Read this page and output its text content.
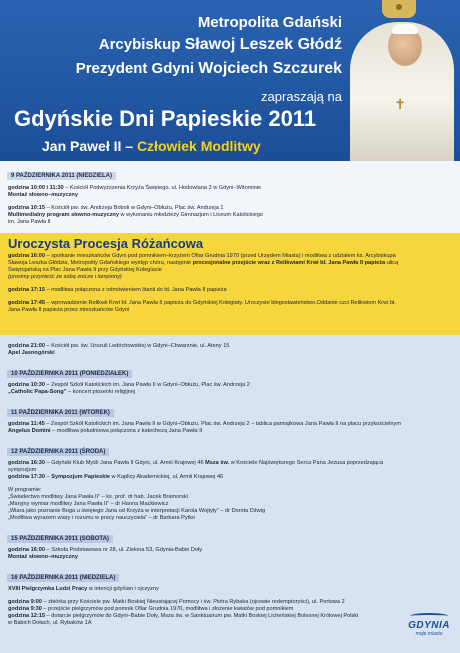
✝
Metropolita Gdański
Arcybiskup Sławoj Leszek Głódź
Prezydent Gdyni Wojciech Szczurek
zapraszają na
Gdyńskie Dni Papieskie 2011
Jan Paweł II – Człowiek Modlitwy
9 PAŹDZIERNIKA 2011 (NIEDZIELA)
godzina 10:00 i 11:30 – Kościół Podwyższenia Krzyża Świętego, ul. Hodowlana 3 w Gdyni–Witominie
Montaż słowno–muzyczny
godzina 10:15 – Kościół pw. św. Andrzeja Boboli w Gdyni–Obłużu, Plac św. Andrzeja 1
Multimedialny program słowno-muzyczny w wykonaniu młodzieży Gimnazjum i Liceum Katolickiego
im. Jana Pawła II
Uroczysta Procesja Różańcowa
godzina 16:00 – spotkanie mieszkańców Gdyni pod pomnikiem–krzyżem Ofiar Grudnia 1970 (przed Urzędem Miasta) i modlitwa z udziałem ks. Arcybiskupa
Sławoja Leszka Głódzia, Metropolity Gdańskiego występ chóru, następnie procesjonalne przejście wraz z Relikwiami Krwi bł. Jana Pawła II papieża ulicą
Świętojańską na Plac Jana Pawła II przy Gdyńskiej Kolegiacie
(prosimy przynieść ze sobą znicze i lampiony)
godzina 17:15 – modlitwa połączona z odmówieniem litanii do bł. Jana Pawła II papieża
godzina 17:45 – wprowadzenie Relikwii Krwi bł. Jana Pawła II papieża do Gdyńskiej Kolegiaty. Uroczyste błogosławieństwo.Oddanie czci Relikwiom Krwi bł.
Jana Pawła II papieża przez mieszkańców Gdyni
godzina 21:00 – Kościół pw. św. Urszuli Ledóchowskiej w Gdyni–Chwarznie, ul. Ateny 15
Apel Jasnogórski
10 PAŹDZIERNIKA 2011 (PONIEDZIAŁEK)
godzina 10:30 – Zespół Szkół Katolickich im. Jana Pawła II w Gdyni–Obłużu, Plac św. Andrzeja 2
„Catholic Papa-Song” – koncert piosenki religijnej
11 PAŹDZIERNIKA 2011 (WTOREK)
godzina 11:45 – Zespół Szkół Katolickich im. Jana Pawła II w Gdyni–Obłużu, Plac św. Andrzeja 2 – tablica pamiątkowa Jana Pawła II na placu przykościelnym
Angelus Domini – modlitwa południowa połączona z katechezą Jana Pawła II
12 PAŹDZIERNIKA 2011 (ŚRODA)
godzina 16:30 – Gdyński Klub Myśli Jana Pawła II Gdyni, ul. Armii Krajowej 46 Msza św. w Kościele Najświętszego Serca Pana Jezusa poprzedzająca
sympozjum
godzina 17:30 – Sympozjum Papieskie w Kaplicy Akademickiej, ul. Armii Krajowej 46
W programie:
„Świadectwo modlitwy Jana Pawła II” – ks. prof. dr hab. Jacek Bramorski
„Maryjny wymiar modlitwy Jana Pawła II” – dr Hanna Mackiewicz
„Wiara jako poznanie Boga u świętego Jana od Krzyża w interpretacji Karola Wojtyły” – dr Dorota Dźwig
„Modlitwa wyrazem wiary i rozumu w pracy nauczyciela” – dr Barbara Pytko
15 PAŹDZIERNIKA 2011 (SOBOTA)
godzina 16:00 – Szkoła Podstawowa nr 28, ul. Zielona 53, Gdynia-Babie Doły
Montaż słowno–muzyczny
16 PAŹDZIERNIKA 2011 (NIEDZIELA)
XVIII Pielgrzymka Ludzi Pracy w intencji gdyńian i ojczyzny
godzina 9:00 – zbiórka przy Kościele pw. Matki Boskiej Nieustającej Pomocy i św. Piotra Rybaka (ojcowie redemptoryści), ul. Portowa 2
godzina 9:30 – przejście pielgrzymów pod pomnik Ofiar Grudnia 1970, modlitwa i złożenie kwiatów pod pomnikiem
godzina 12:15 – dotarcie pielgrzymów do Gdyni–Babie Doły, Msza św. w Sanktuarium pw. Matki Boskiej Licheńskiej Bolesnej Królowej Polski
w Babich Dołach, ul. Rybaków 1A	GDYNIA
moje miasto
